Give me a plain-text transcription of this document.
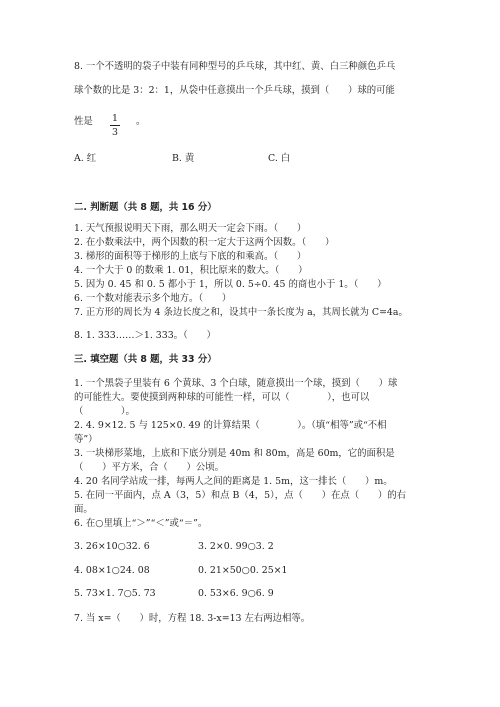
8. 一个不透明的袋子中装有同种型号的乒乓球，其中红、黄、白三种颜色乒乓
球个数的比是 3：2：1，从袋中任意摸出一个乒乓球，摸到（　　）球的可能
性是 1
3
。
A. 红	B. 黄	C. 白
二. 判断题（共 8 题，共 16 分）
1. 天气预报说明天下雨，那么明天一定会下雨。（　　）
2. 在小数乘法中，两个因数的积一定大于这两个因数。（　　）
3. 梯形的面积等于梯形的上底与下底的和乘高。（　　）
4. 一个大于 0 的数乘 1. 01，积比原来的数大。（　　）
5. 因为 0. 45 和 0. 5 都小于 1，所以 0. 5÷0. 45 的商也小于 1。（　　）
6. 一个数对能表示多个地方。（　　）
7. 正方形的周长为 4 条边长度之和，设其中一条长度为 a，其周长就为 C=4a。
8. 1. 333……＞1. 333。（　　）
三. 填空题（共 8 题，共 33 分）
1. 一个黑袋子里装有 6 个黄球、3 个白球，随意摸出一个球，摸到（　　）球
的可能性大。要使摸到两种球的可能性一样，可以（　　　　），也可以
（　　　　）。
2. 4. 9×12. 5 与 125×0. 49 的计算结果（　　　　）。（填“相等”或“不相
等”）
3. 一块梯形菜地，上底和下底分别是 40m 和 80m，高是 60m，它的面积是
（　　）平方米，合（　　）公顷。
4. 20 名同学站成一排，每两人之间的距离是 1. 5m，这一排长（　　）m。
5. 在同一平面内，点 A（3，5）和点 B（4，5），点（　　）在点（　　）的右
面。
6. 在○里填上“＞”“＜”或“＝”。
3. 26×10○32. 6	3. 2×0. 99○3. 2
4. 08×1○24. 08	0. 21×50○0. 25×1
5. 73×1. 7○5. 73	0. 53×6. 9○6. 9
7. 当 x=（　　）时，方程 18. 3-x=13 左右两边相等。
